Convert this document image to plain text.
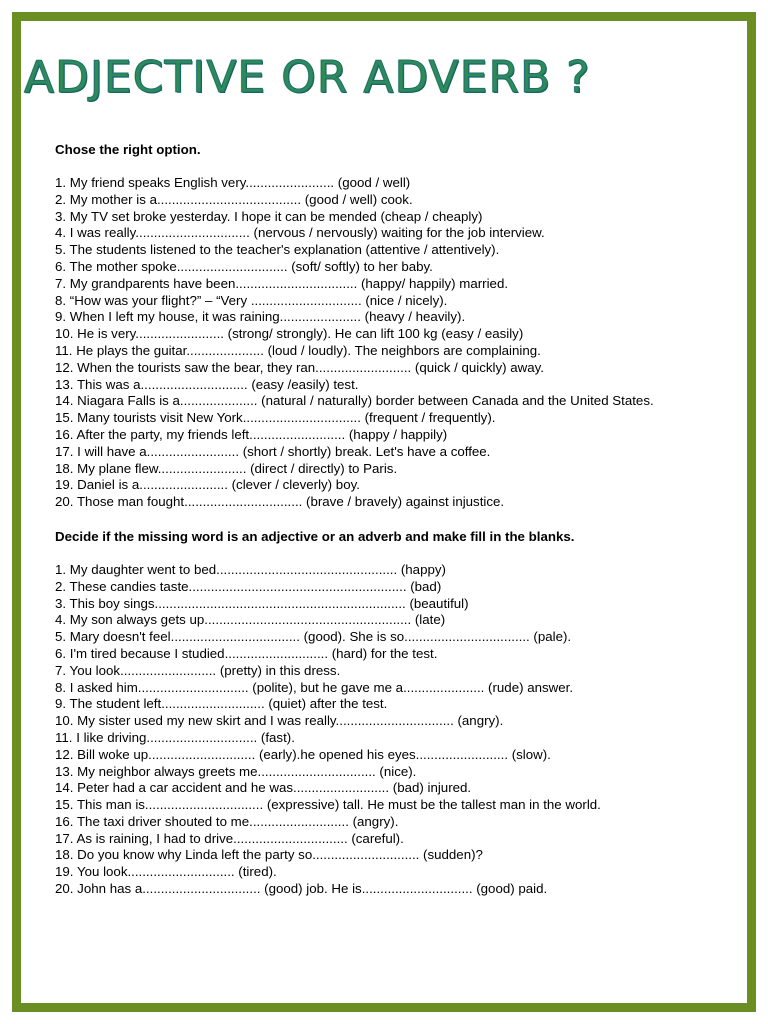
ADJECTIVE OR ADVERB ?

Chose the right option.

1. My friend speaks English very........................ (good / well)
2. My mother is a....................................... (good / well) cook.
3. My TV set broke yesterday. I hope it can be mended (cheap / cheaply)
4. I was really............................... (nervous / nervously) waiting for the job interview.
5. The students listened to the teacher's explanation (attentive / attentively).
6. The mother spoke.............................. (soft/ softly) to her baby.
7. My grandparents have been................................. (happy/ happily) married.
8. “How was your flight?” – “Very .............................. (nice / nicely).
9. When I left my house, it was raining...................... (heavy / heavily).
10. He is very........................ (strong/ strongly). He can lift 100 kg (easy / easily)
11. He plays the guitar..................... (loud / loudly). The neighbors are complaining.
12. When the tourists saw the bear, they ran.......................... (quick / quickly) away.
13. This was a............................. (easy /easily) test.
14. Niagara Falls is a..................... (natural / naturally) border between Canada and the United States.
15. Many tourists visit New York................................ (frequent / frequently).
16. After the party, my friends left.......................... (happy / happily)
17. I will have a......................... (short / shortly) break. Let's have a coffee.
18. My plane flew........................ (direct / directly) to Paris.
19. Daniel is a........................ (clever / cleverly) boy.
20. Those man fought................................ (brave / bravely) against injustice.

Decide if the missing word is an adjective or an adverb and make fill in the blanks.

1. My daughter went to bed................................................. (happy)
2. These candies taste........................................................... (bad)
3. This boy sings.................................................................... (beautiful)
4. My son always gets up........................................................ (late)
5. Mary doesn't feel................................... (good). She is so.................................. (pale).
6. I'm tired because I studied............................ (hard) for the test.
7. You look.......................... (pretty) in this dress.
8. I asked him.............................. (polite), but he gave me a...................... (rude) answer.
9. The student left............................ (quiet) after the test.
10. My sister used my new skirt and I was really................................ (angry).
11. I like driving.............................. (fast).
12. Bill woke up............................. (early).he opened his eyes......................... (slow).
13. My neighbor always greets me................................ (nice).
14. Peter had a car accident and he was.......................... (bad) injured.
15. This man is................................ (expressive) tall. He must be the tallest man in the world.
16. The taxi driver shouted to me........................... (angry).
17. As is raining, I had to drive............................... (careful).
18. Do you know why Linda left the party so............................. (sudden)?
19. You look............................. (tired).
20. John has a................................ (good) job. He is.............................. (good) paid.
